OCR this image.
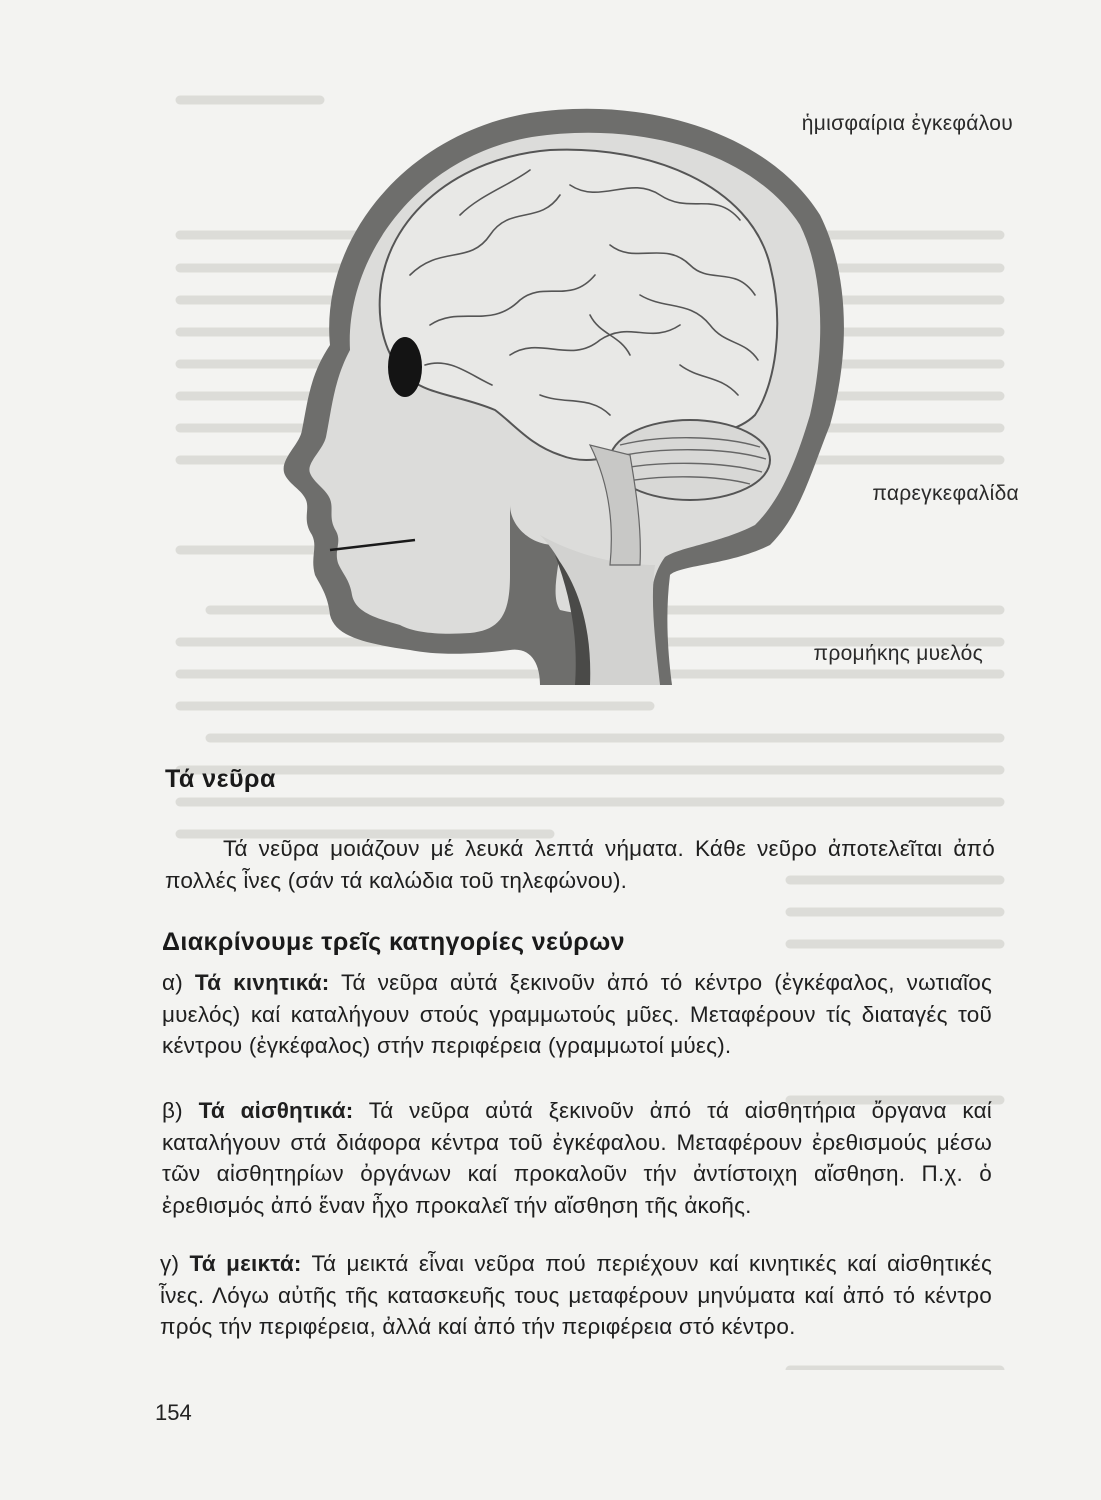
ἡμισφαίρια ἐγκεφάλου
παρεγκεφαλίδα
προμήκης μυελός
Τά νεῦρα
Τά νεῦρα μοιάζουν μέ λευκά λεπτά νήματα. Κάθε νεῦρο ἀποτελεῖται ἀπό πολλές ἶνες (σάν τά καλώδια τοῦ τηλεφώνου).
Διακρίνουμε τρεῖς κατηγορίες νεύρων
α) Τά κινητικά: Τά νεῦρα αὐτά ξεκινοῦν ἀπό τό κέντρο (ἐγκέφαλος, νωτιαῖος μυελός) καί καταλήγουν στούς γραμμωτούς μῦες. Μεταφέρουν τίς διαταγές τοῦ κέντρου (ἐγκέφαλος) στήν περιφέρεια (γραμμωτοί μύες).
β) Τά αἰσθητικά: Τά νεῦρα αὐτά ξεκινοῦν ἀπό τά αἰσθητήρια ὄργανα καί καταλήγουν στά διάφορα κέντρα τοῦ ἐγκέφαλου. Μεταφέρουν ἐρεθισμούς μέσω τῶν αἰσθητηρίων ὀργάνων καί προκαλοῦν τήν ἀντίστοιχη αἴσθηση. Π.χ. ὁ ἐρεθισμός ἀπό ἕναν ἦχο προκαλεῖ τήν αἴσθηση τῆς ἀκοῆς.
γ) Τά μεικτά: Τά μεικτά εἶναι νεῦρα πού περιέχουν καί κινητικές καί αἰσθητικές ἶνες. Λόγω αὐτῆς τῆς κατασκευῆς τους μεταφέρουν μηνύματα καί ἀπό τό κέντρο πρός τήν περιφέρεια, ἀλλά καί ἀπό τήν περιφέρεια στό κέντρο.
154
